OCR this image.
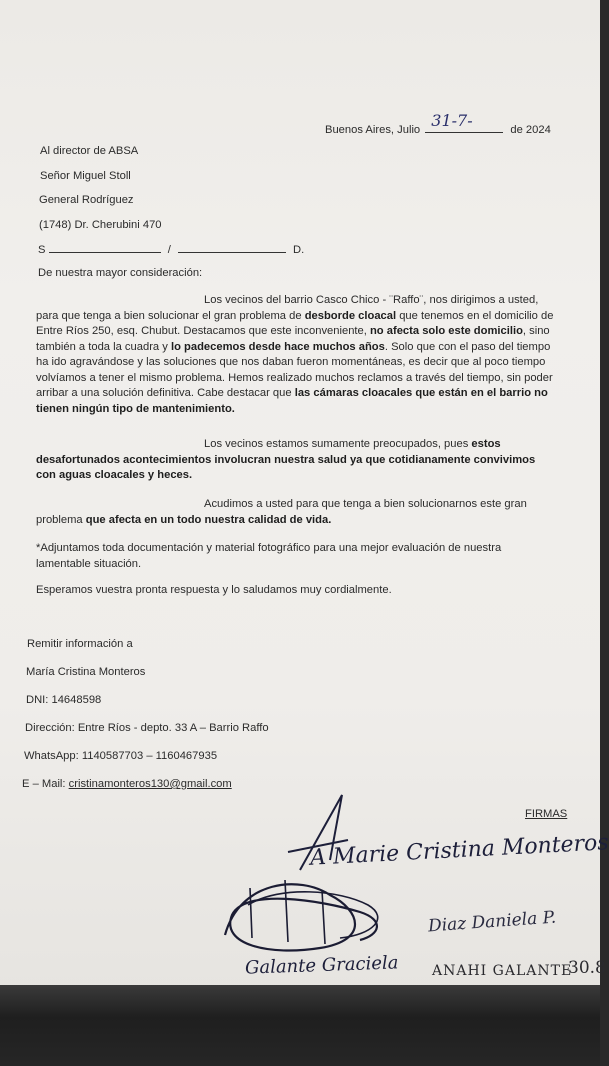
Buenos Aires, Julio 31-7-	de 2024
Al director de ABSA
Señor Miguel Stoll
General Rodríguez
(1748) Dr. Cherubini 470
S	/	D.
De nuestra mayor consideración:
Los vecinos del barrio Casco Chico - ¨Raffo¨, nos dirigimos a usted, para que tenga a bien solucionar el gran problema de desborde cloacal que tenemos en el domicilio de Entre Ríos 250, esq. Chubut. Destacamos que este inconveniente, no afecta solo este domicilio, sino también a toda la cuadra y lo padecemos desde hace muchos años. Solo que con el paso del tiempo ha ido agravándose y las soluciones que nos daban fueron momentáneas, es decir que al poco tiempo volvíamos a tener el mismo problema. Hemos realizado muchos reclamos a través del tiempo, sin poder arribar a una solución definitiva. Cabe destacar que las cámaras cloacales que están en el barrio no tienen ningún tipo de mantenimiento.
Los vecinos estamos sumamente preocupados, pues estos desafortunados acontecimientos involucran nuestra salud ya que cotidianamente convivimos con aguas cloacales y heces.
Acudimos a usted para que tenga a bien solucionarnos este gran problema que afecta en un todo nuestra calidad de vida.
*Adjuntamos toda documentación y material fotográfico para una mejor evaluación de nuestra lamentable situación.
Esperamos vuestra pronta respuesta y lo saludamos muy cordialmente.
Remitir información a
María Cristina Monteros
DNI: 14648598
Dirección: Entre Ríos - depto. 33 A – Barrio Raffo
WhatsApp: 1140587703 – 1160467935
E – Mail: cristinamonteros130@gmail.com
FIRMAS
A Marie Cristina Monteros
Diaz Daniela P.
Galante Graciela ANAHI GALANTE
30.8
